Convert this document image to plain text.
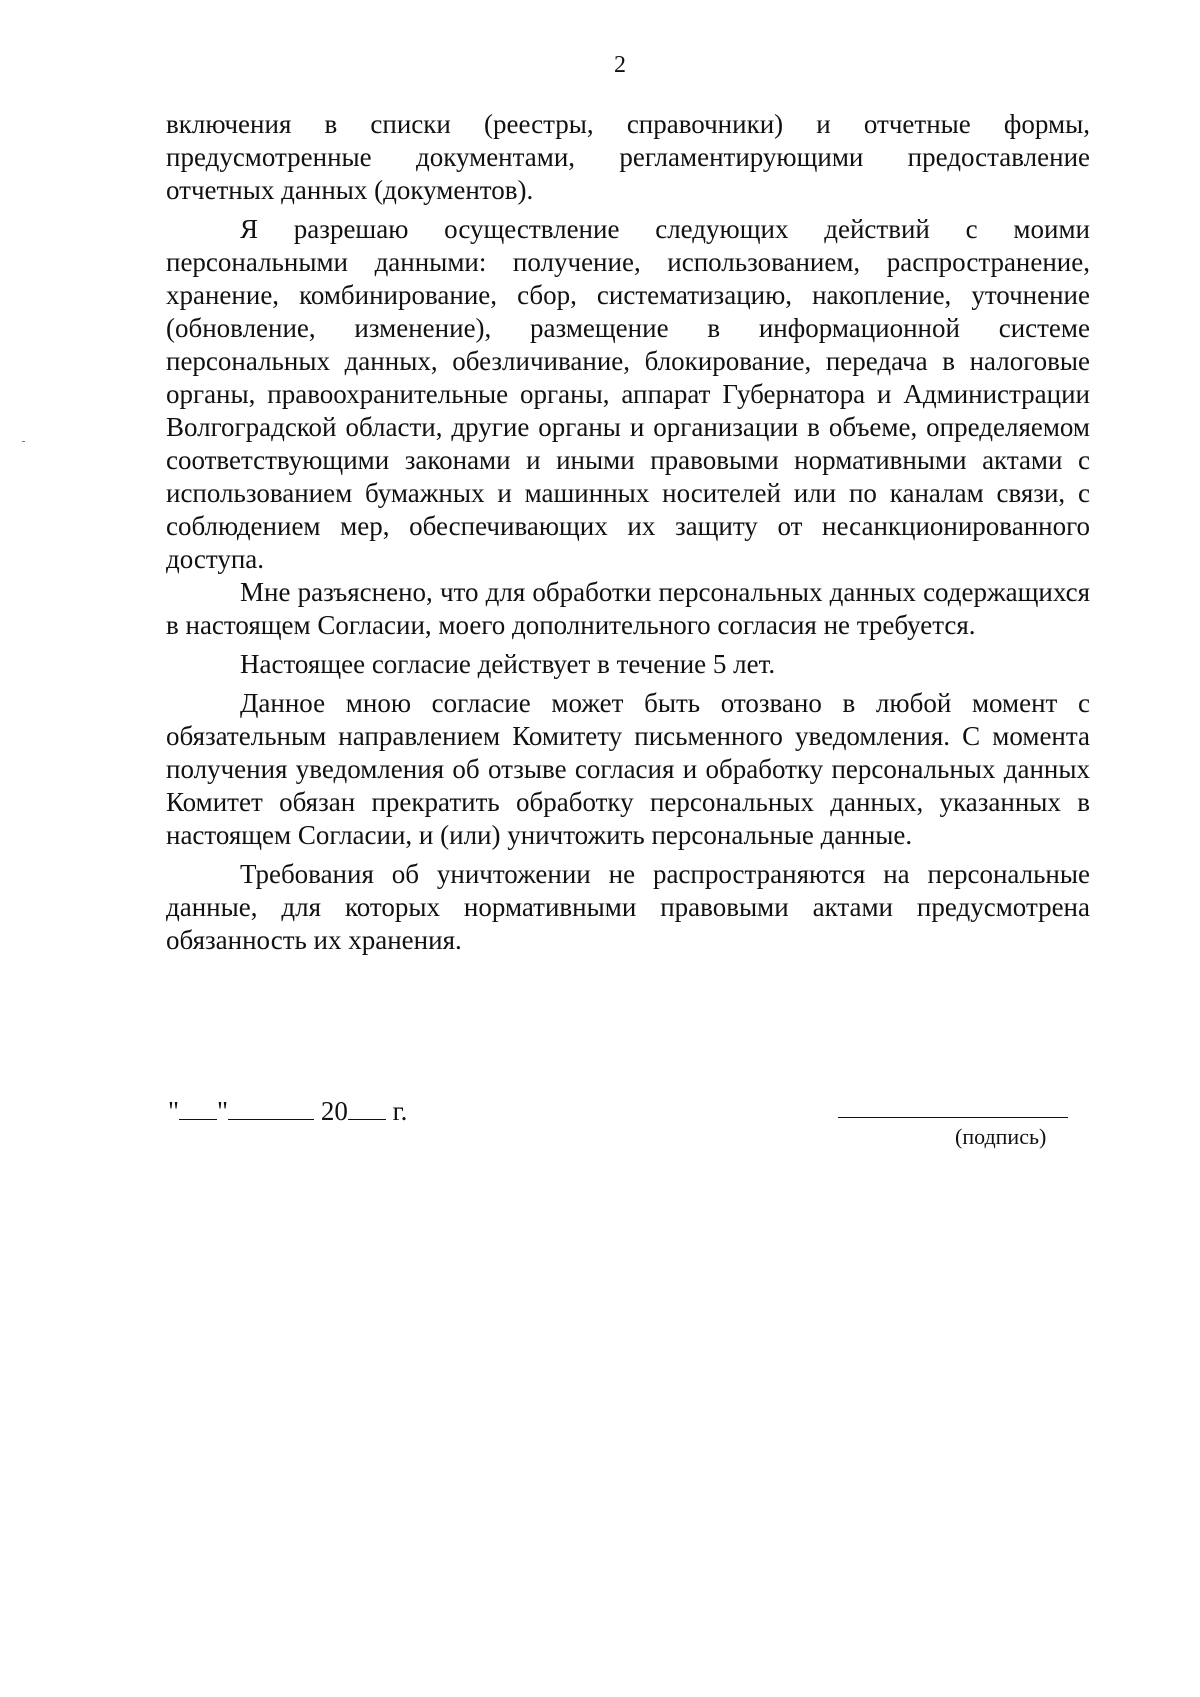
2

включения в списки (реестры, справочники) и отчетные формы, предусмотренные документами, регламентирующими предоставление отчетных данных (документов).

Я разрешаю осуществление следующих действий с моими персональными данными: получение, использованием, распространение, хранение, комбинирование, сбор, систематизацию, накопление, уточнение (обновление, изменение), размещение в информационной системе персональных данных, обезличивание, блокирование, передача в налоговые органы, правоохранительные органы, аппарат Губернатора и Администрации Волгоградской области, другие органы и организации в объеме, определяемом соответствующими законами и иными правовыми нормативными актами с использованием бумажных и машинных носителей или по каналам связи, с соблюдением мер, обеспечивающих их защиту от несанкционированного доступа.

Мне разъяснено, что для обработки персональных данных содержащихся в настоящем Согласии, моего дополнительного согласия не требуется.

Настоящее согласие действует в течение 5 лет.

Данное мною согласие может быть отозвано в любой момент с обязательным направлением Комитету письменного уведомления. С момента получения уведомления об отзыве согласия и обработку персональных данных Комитет обязан прекратить обработку персональных данных, указанных в настоящем Согласии, и (или) уничтожить персональные данные.

Требования об уничтожении не распространяются на персональные данные, для которых нормативными правовыми актами предусмотрена обязанность их хранения.

" "	20 г.
(подпись)
